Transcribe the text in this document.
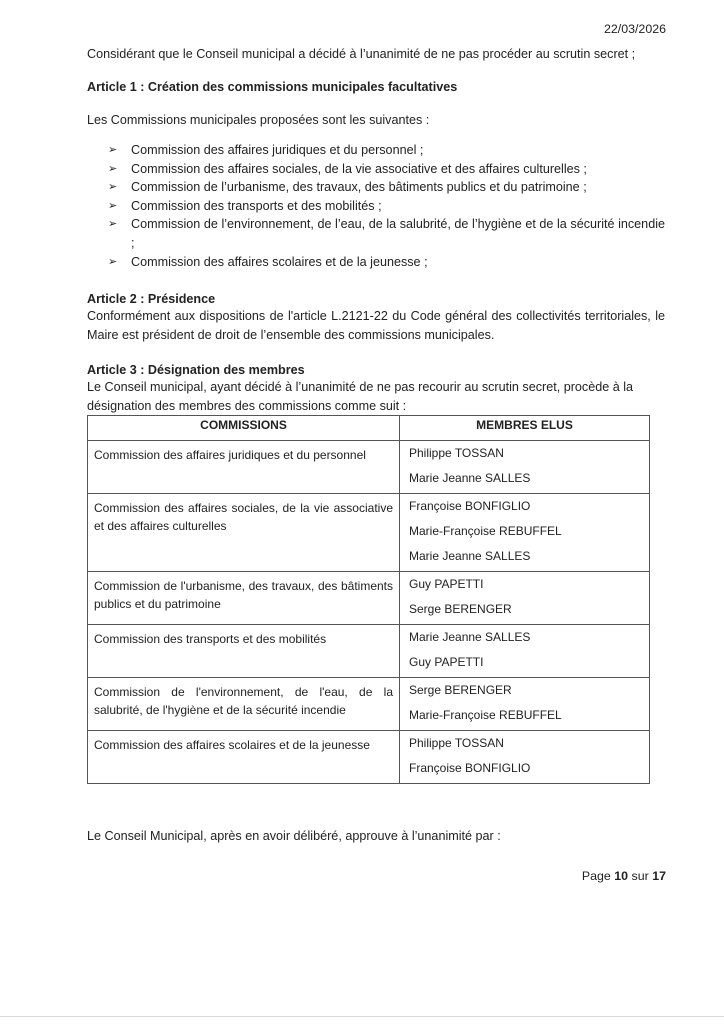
22/03/2026
Considérant que le Conseil municipal a décidé à l’unanimité de ne pas procéder au scrutin secret ;
Article 1 : Création des commissions municipales facultatives
Les Commissions municipales proposées sont les suivantes :
➢ Commission des affaires juridiques et du personnel ;
➢ Commission des affaires sociales, de la vie associative et des affaires culturelles ;
➢ Commission de l’urbanisme, des travaux, des bâtiments publics et du patrimoine ;
➢ Commission des transports et des mobilités ;
➢ Commission de l’environnement, de l’eau, de la salubrité, de l’hygiène et de la sécurité incendie ;
➢ Commission des affaires scolaires et de la jeunesse ;
Article 2 : Présidence
Conformément aux dispositions de l'article L.2121-22 du Code général des collectivités territoriales, le Maire est président de droit de l’ensemble des commissions municipales.
Article 3 : Désignation des membres
Le Conseil municipal, ayant décidé à l’unanimité de ne pas recourir au scrutin secret, procède à la désignation des membres des commissions comme suit :
COMMISSIONS	MEMBRES ELUS
Commission des affaires juridiques et du personnel	Philippe TOSSAN
Marie Jeanne SALLES

Commission des affaires sociales, de la vie associative et des affaires culturelles	Françoise BONFIGLIO
Marie-Françoise REBUFFEL
Marie Jeanne SALLES

Commission de l'urbanisme, des travaux, des bâtiments publics et du patrimoine	Guy PAPETTI
Serge BERENGER

Commission des transports et des mobilités	Marie Jeanne SALLES
Guy PAPETTI

Commission de l'environnement, de l'eau, de la salubrité, de l'hygiène et de la sécurité incendie	Serge BERENGER
Marie-Françoise REBUFFEL

Commission des affaires scolaires et de la jeunesse	Philippe TOSSAN
Françoise BONFIGLIO
Le Conseil Municipal, après en avoir délibéré, approuve à l’unanimité par :
Page 10 sur 17
